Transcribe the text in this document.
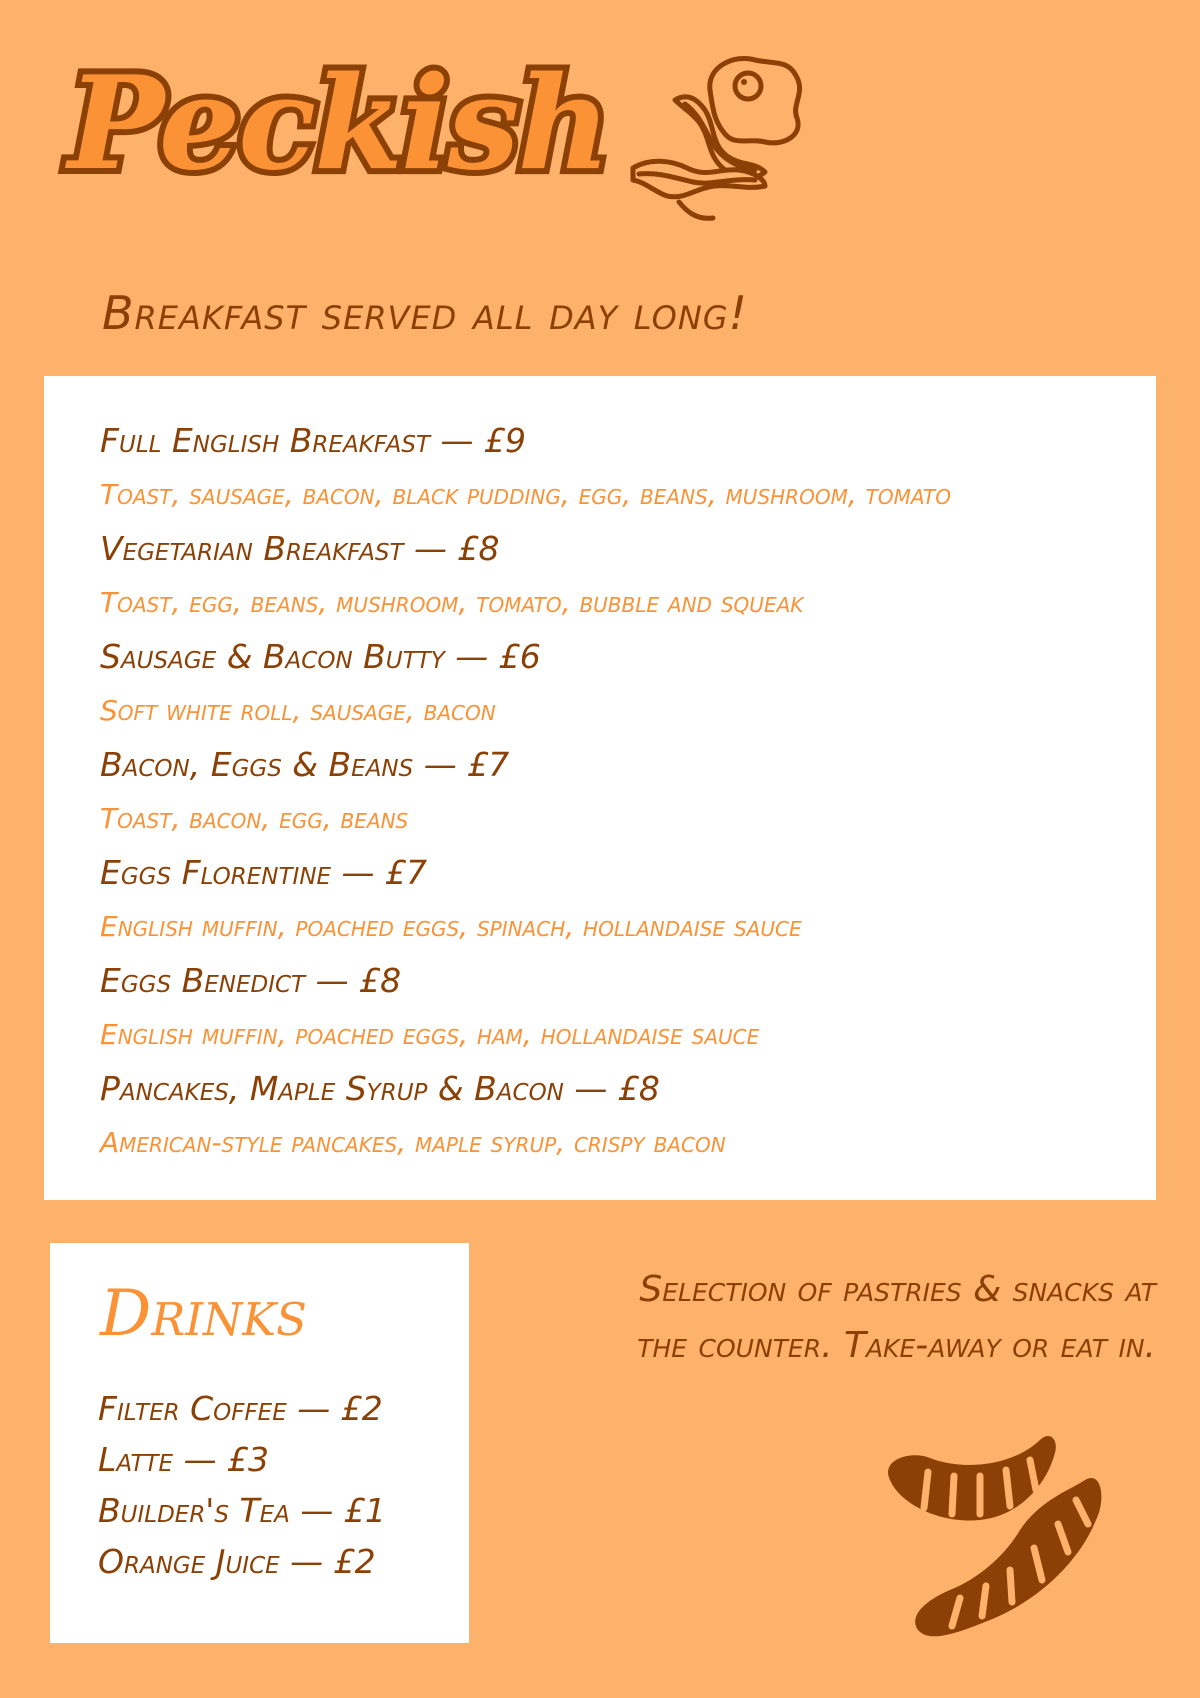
Peckish
Breakfast served all day long!
Full English Breakfast — £9
Toast, sausage, bacon, black pudding, egg, beans, mushroom, tomato
Vegetarian Breakfast — £8
Toast, egg, beans, mushroom, tomato, bubble and squeak
Sausage & Bacon Butty — £6
Soft white roll, sausage, bacon
Bacon, Eggs & Beans — £7
Toast, bacon, egg, beans
Eggs Florentine — £7
English muffin, poached eggs, spinach, hollandaise sauce
Eggs Benedict — £8
English muffin, poached eggs, ham, hollandaise sauce
Pancakes, Maple Syrup & Bacon — £8
American-style pancakes, maple syrup, crispy bacon
Drinks
Filter Coffee — £2
Latte — £3
Builder's Tea — £1
Orange Juice — £2
Selection of pastries & snacks at
the counter. Take-away or eat in.
